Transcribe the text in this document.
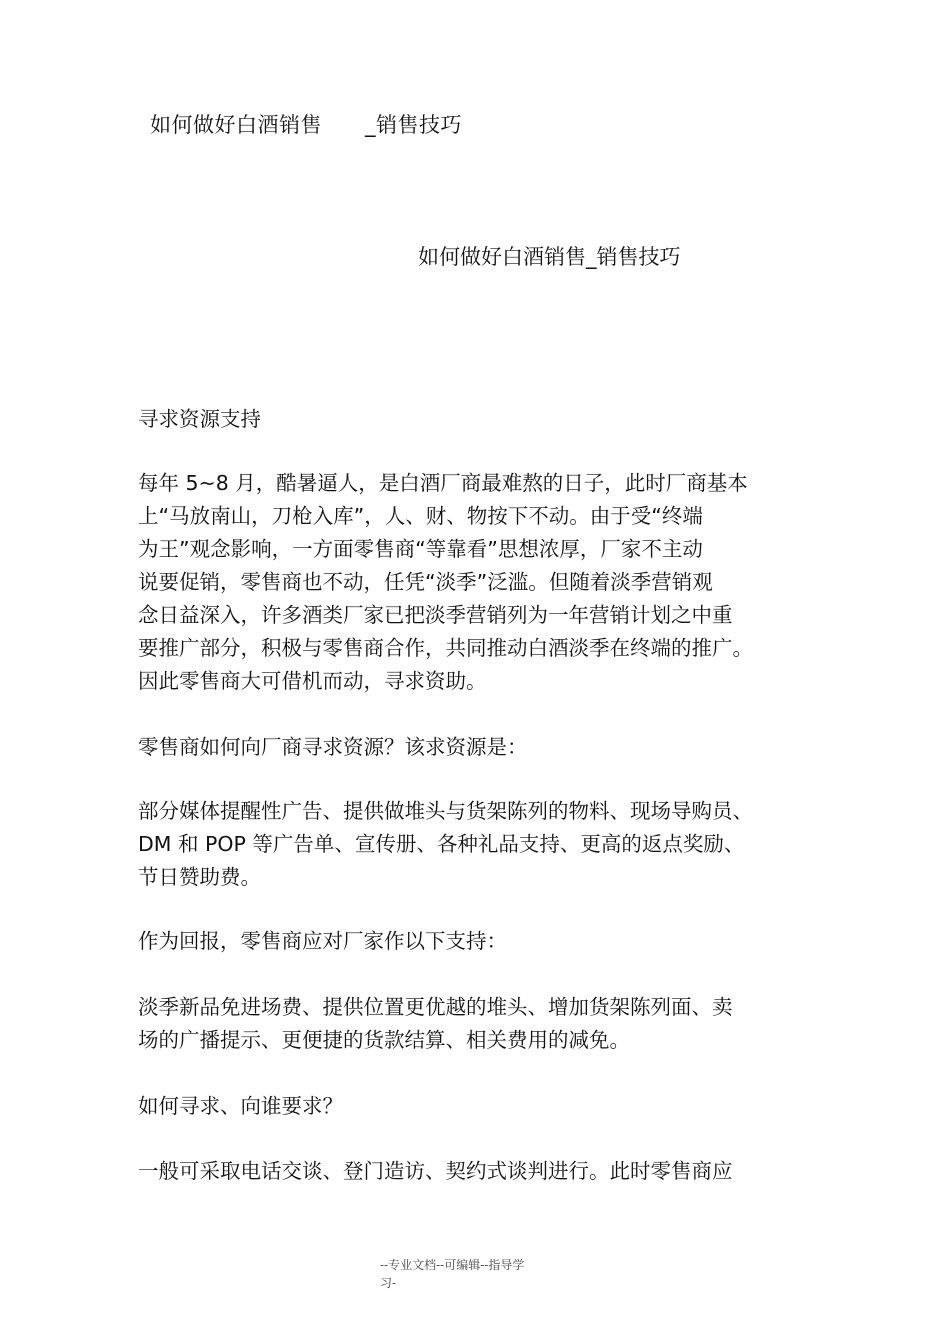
如何做好白酒销售      _销售技巧
如何做好白酒销售_销售技巧

寻求资源支持

每年 5~8 月，酷暑逼人，是白酒厂商最难熬的日子，此时厂商基本
上“马放南山，刀枪入库”，人、财、物按下不动。由于受“终端
为王”观念影响，一方面零售商“等靠看”思想浓厚，厂家不主动
说要促销，零售商也不动，任凭“淡季”泛滥。但随着淡季营销观
念日益深入，许多酒类厂家已把淡季营销列为一年营销计划之中重
要推广部分，积极与零售商合作，共同推动白酒淡季在终端的推广。
因此零售商大可借机而动，寻求资助。

零售商如何向厂商寻求资源？该求资源是：

部分媒体提醒性广告、提供做堆头与货架陈列的物料、现场导购员、
DM 和 POP 等广告单、宣传册、各种礼品支持、更高的返点奖励、
节日赞助费。

作为回报，零售商应对厂家作以下支持：

淡季新品免进场费、提供位置更优越的堆头、增加货架陈列面、卖
场的广播提示、更便捷的货款结算、相关费用的减免。

如何寻求、向谁要求？

一般可采取电话交谈、登门造访、契约式谈判进行。此时零售商应

--专业文档--可编辑--指导学
习-
